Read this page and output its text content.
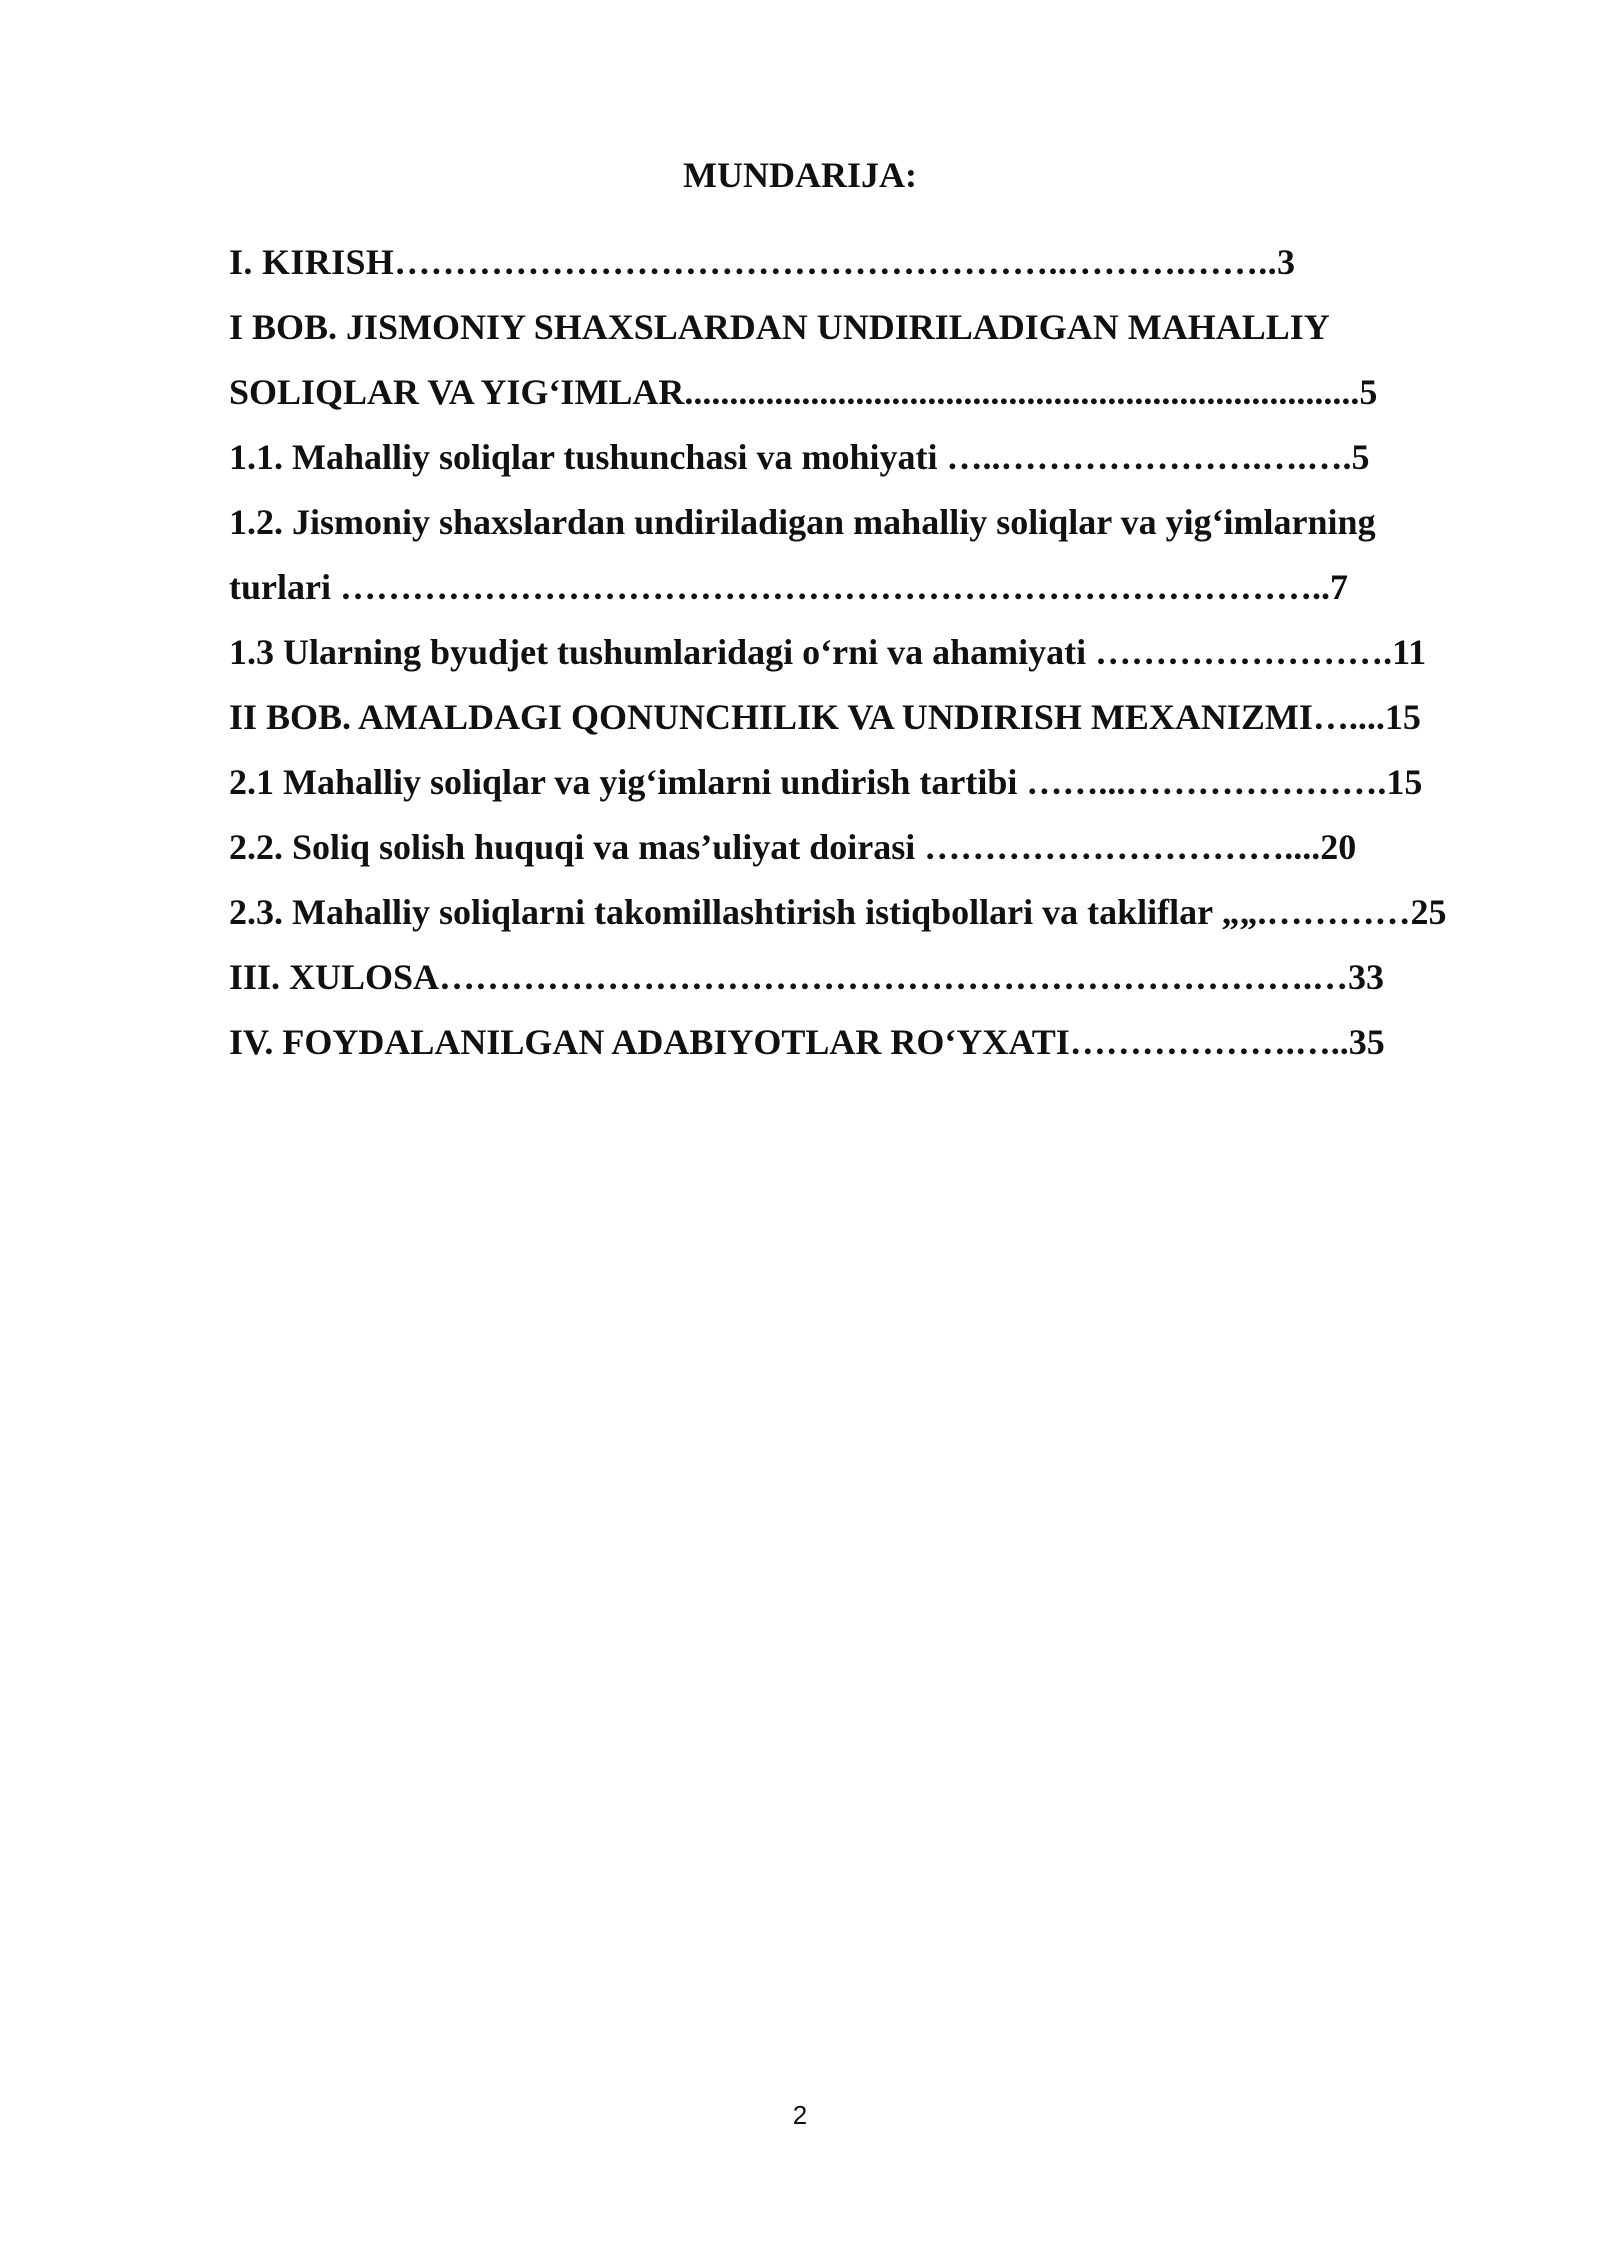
MUNDARIJA:
I. KIRISH………………………………………………..……….……..3
I BOB. JISMONIY SHAXSLARDAN UNDIRILADIGAN MAHALLIY
SOLIQLAR VA YIG‘IMLAR...........................................................................5
1.1. Mahalliy soliqlar tushunchasi va mohiyati …..………………….….….5
1.2. Jismoniy shaxslardan undiriladigan mahalliy soliqlar va yig‘imlarning
turlari ………………………………………………………………………..7
1.3 Ularning byudjet tushumlaridagi o‘rni va ahamiyati …………………….11
II BOB. AMALDAGI QONUNCHILIK VA UNDIRISH MEXANIZMI…....15
2.1 Mahalliy soliqlar va yig‘imlarni undirish tartibi ……...………………….15
2.2. Soliq solish huquqi va mas’uliyat doirasi …………………………....20
2.3. Mahalliy soliqlarni takomillashtirish istiqbollari va takliflar „„.…………25
III. XULOSA……………………………………………………………….…33
IV. FOYDALANILGAN ADABIYOTLAR RO‘YXATI……………….…..35
2
